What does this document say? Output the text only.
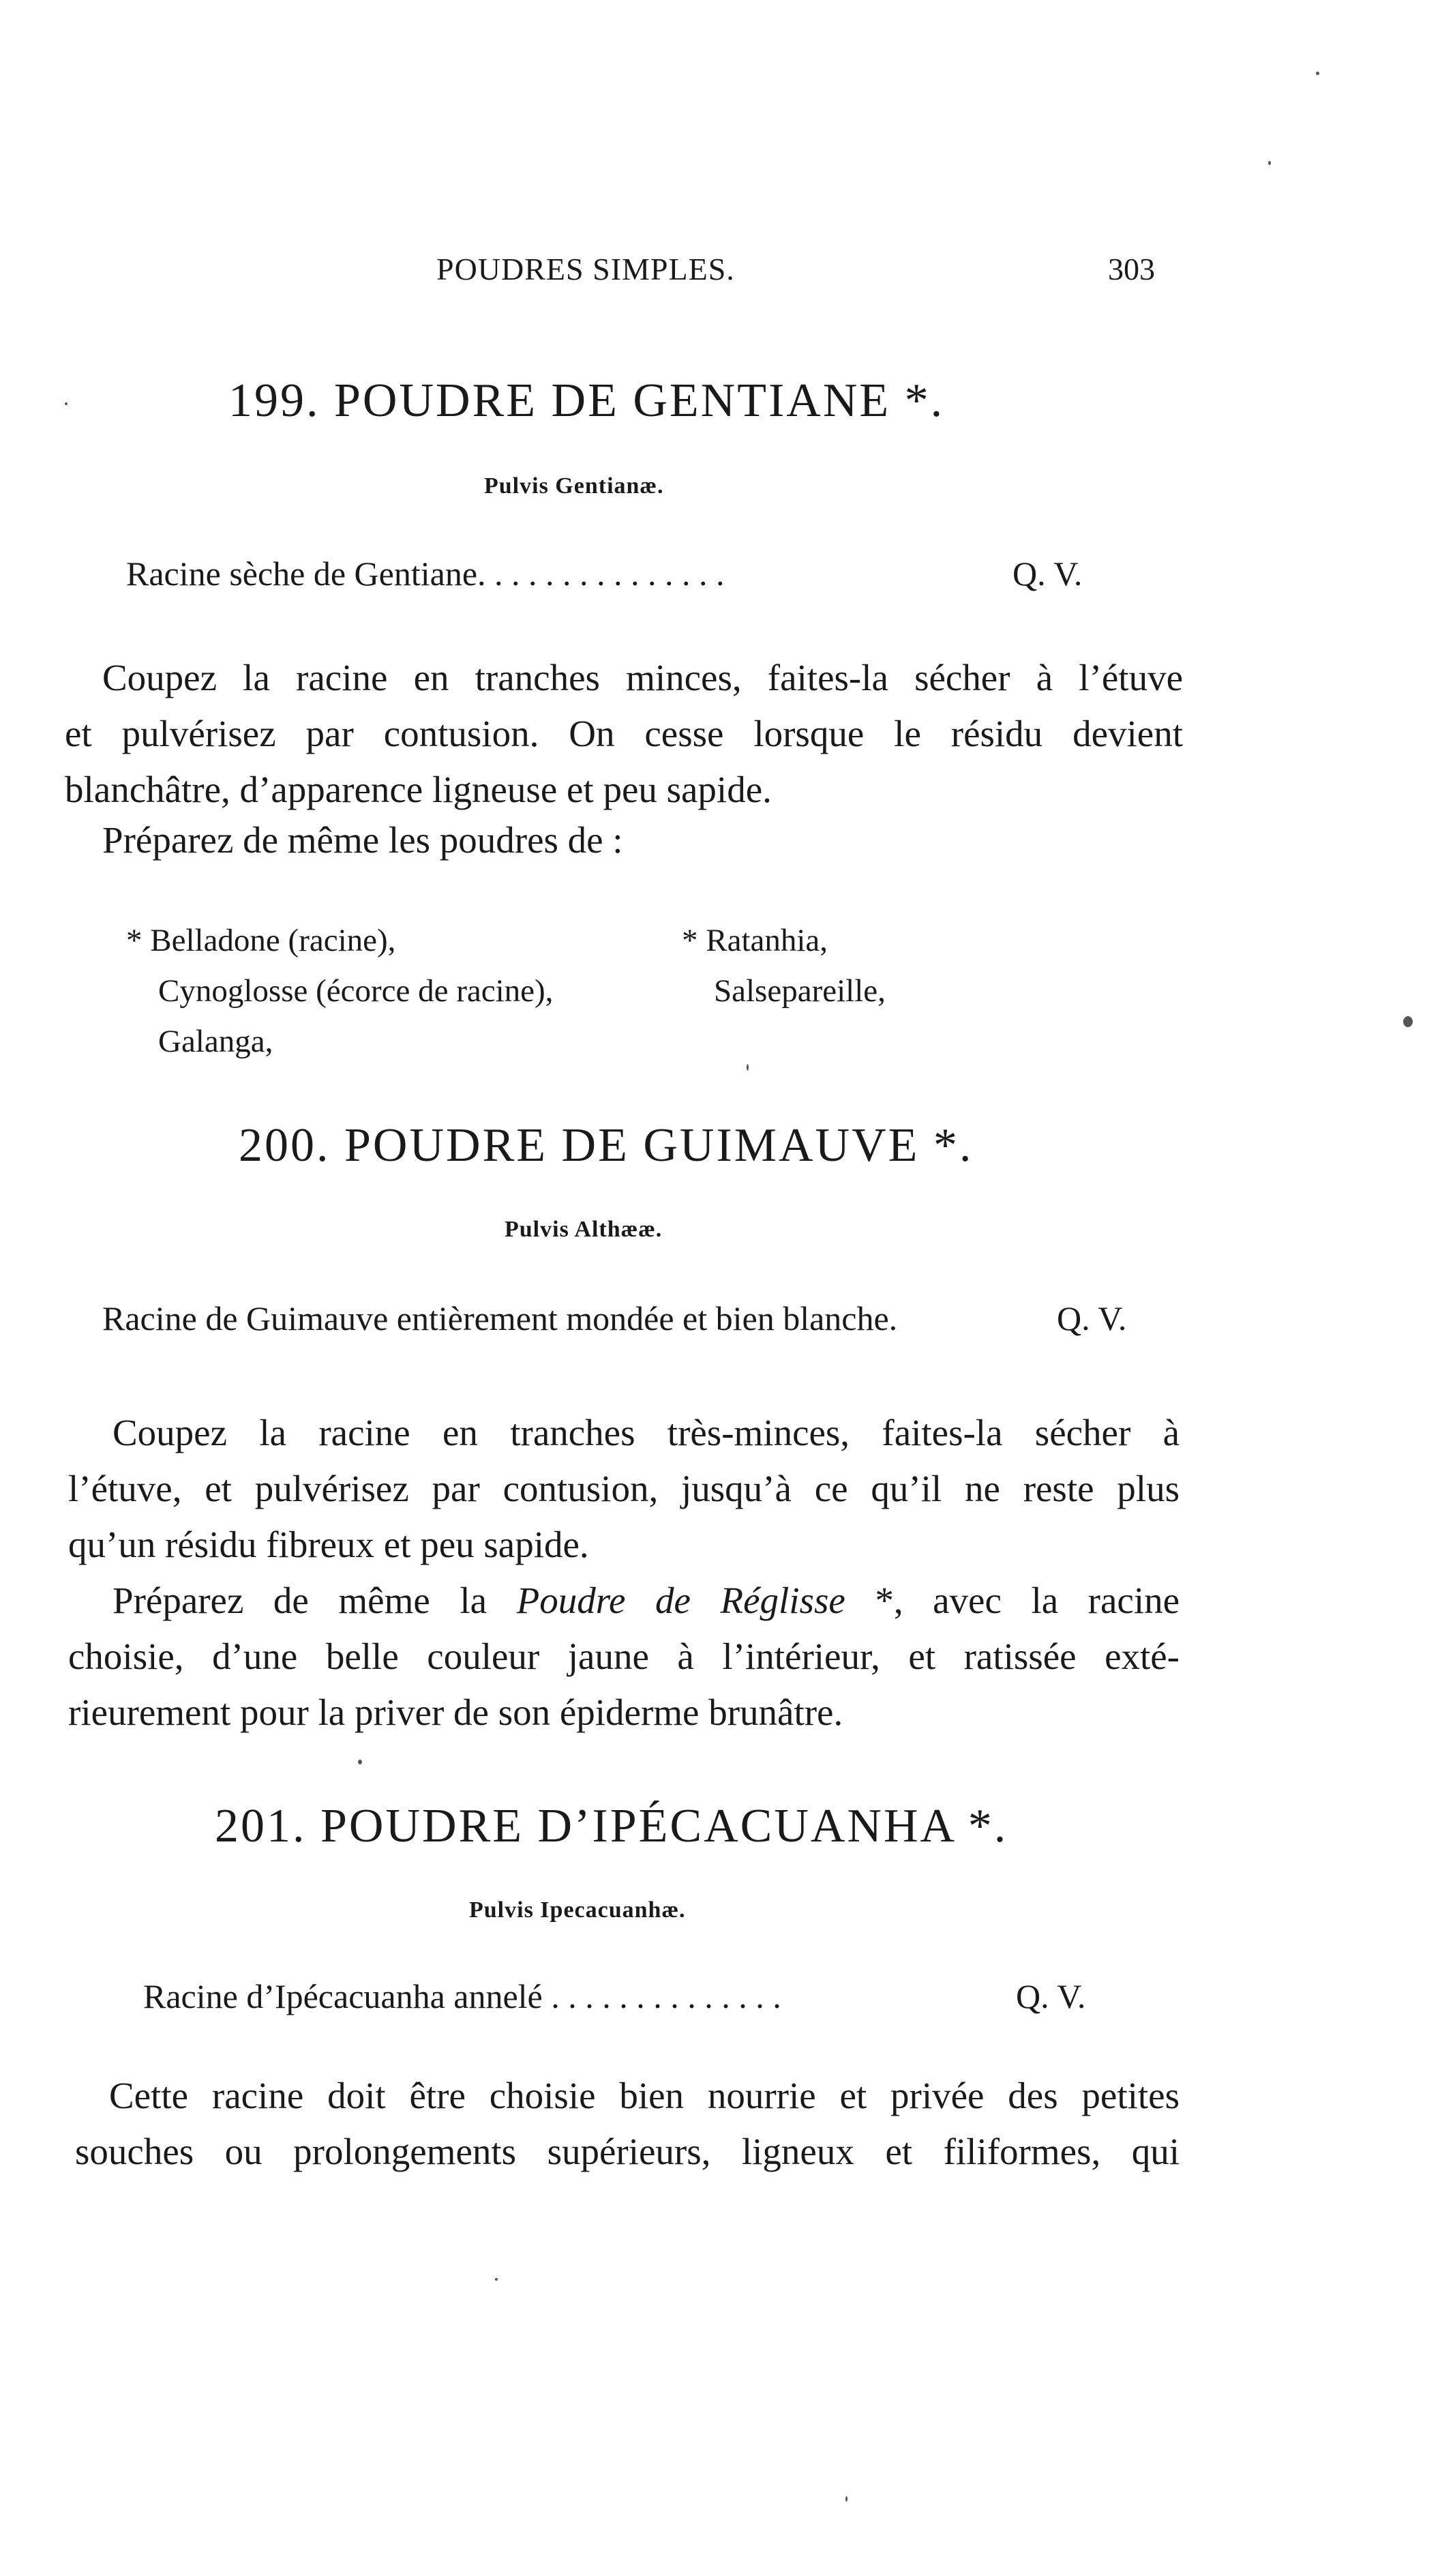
POUDRES SIMPLES.	303
199. POUDRE DE GENTIANE *.
Pulvis Gentianæ.
Racine sèche de Gentiane. . . . . . . . . . . . . . .	Q. V.
Coupez la racine en tranches minces, faites-la sécher à l’étuve
et pulvérisez par contusion. On cesse lorsque le résidu devient
blanchâtre, d’apparence ligneuse et peu sapide.
Préparez de même les poudres de :
* Belladone (racine),
Cynoglosse (écorce de racine),
Galanga,
* Ratanhia,
Salsepareille,
200. POUDRE DE GUIMAUVE *.
Pulvis Althææ.
Racine de Guimauve entièrement mondée et bien blanche.	Q. V.
Coupez la racine en tranches très-minces, faites-la sécher à
l’étuve, et pulvérisez par contusion, jusqu’à ce qu’il ne reste plus
qu’un résidu fibreux et peu sapide.
Préparez de même la Poudre de Réglisse *, avec la racine
choisie, d’une belle couleur jaune à l’intérieur, et ratissée exté-
rieurement pour la priver de son épiderme brunâtre.
201. POUDRE D’IPÉCACUANHA *.
Pulvis Ipecacuanhæ.
Racine d’Ipécacuanha annelé . . . . . . . . . . . . . .	Q. V.
Cette racine doit être choisie bien nourrie et privée des petites
souches ou prolongements supérieurs, ligneux et filiformes, qui
